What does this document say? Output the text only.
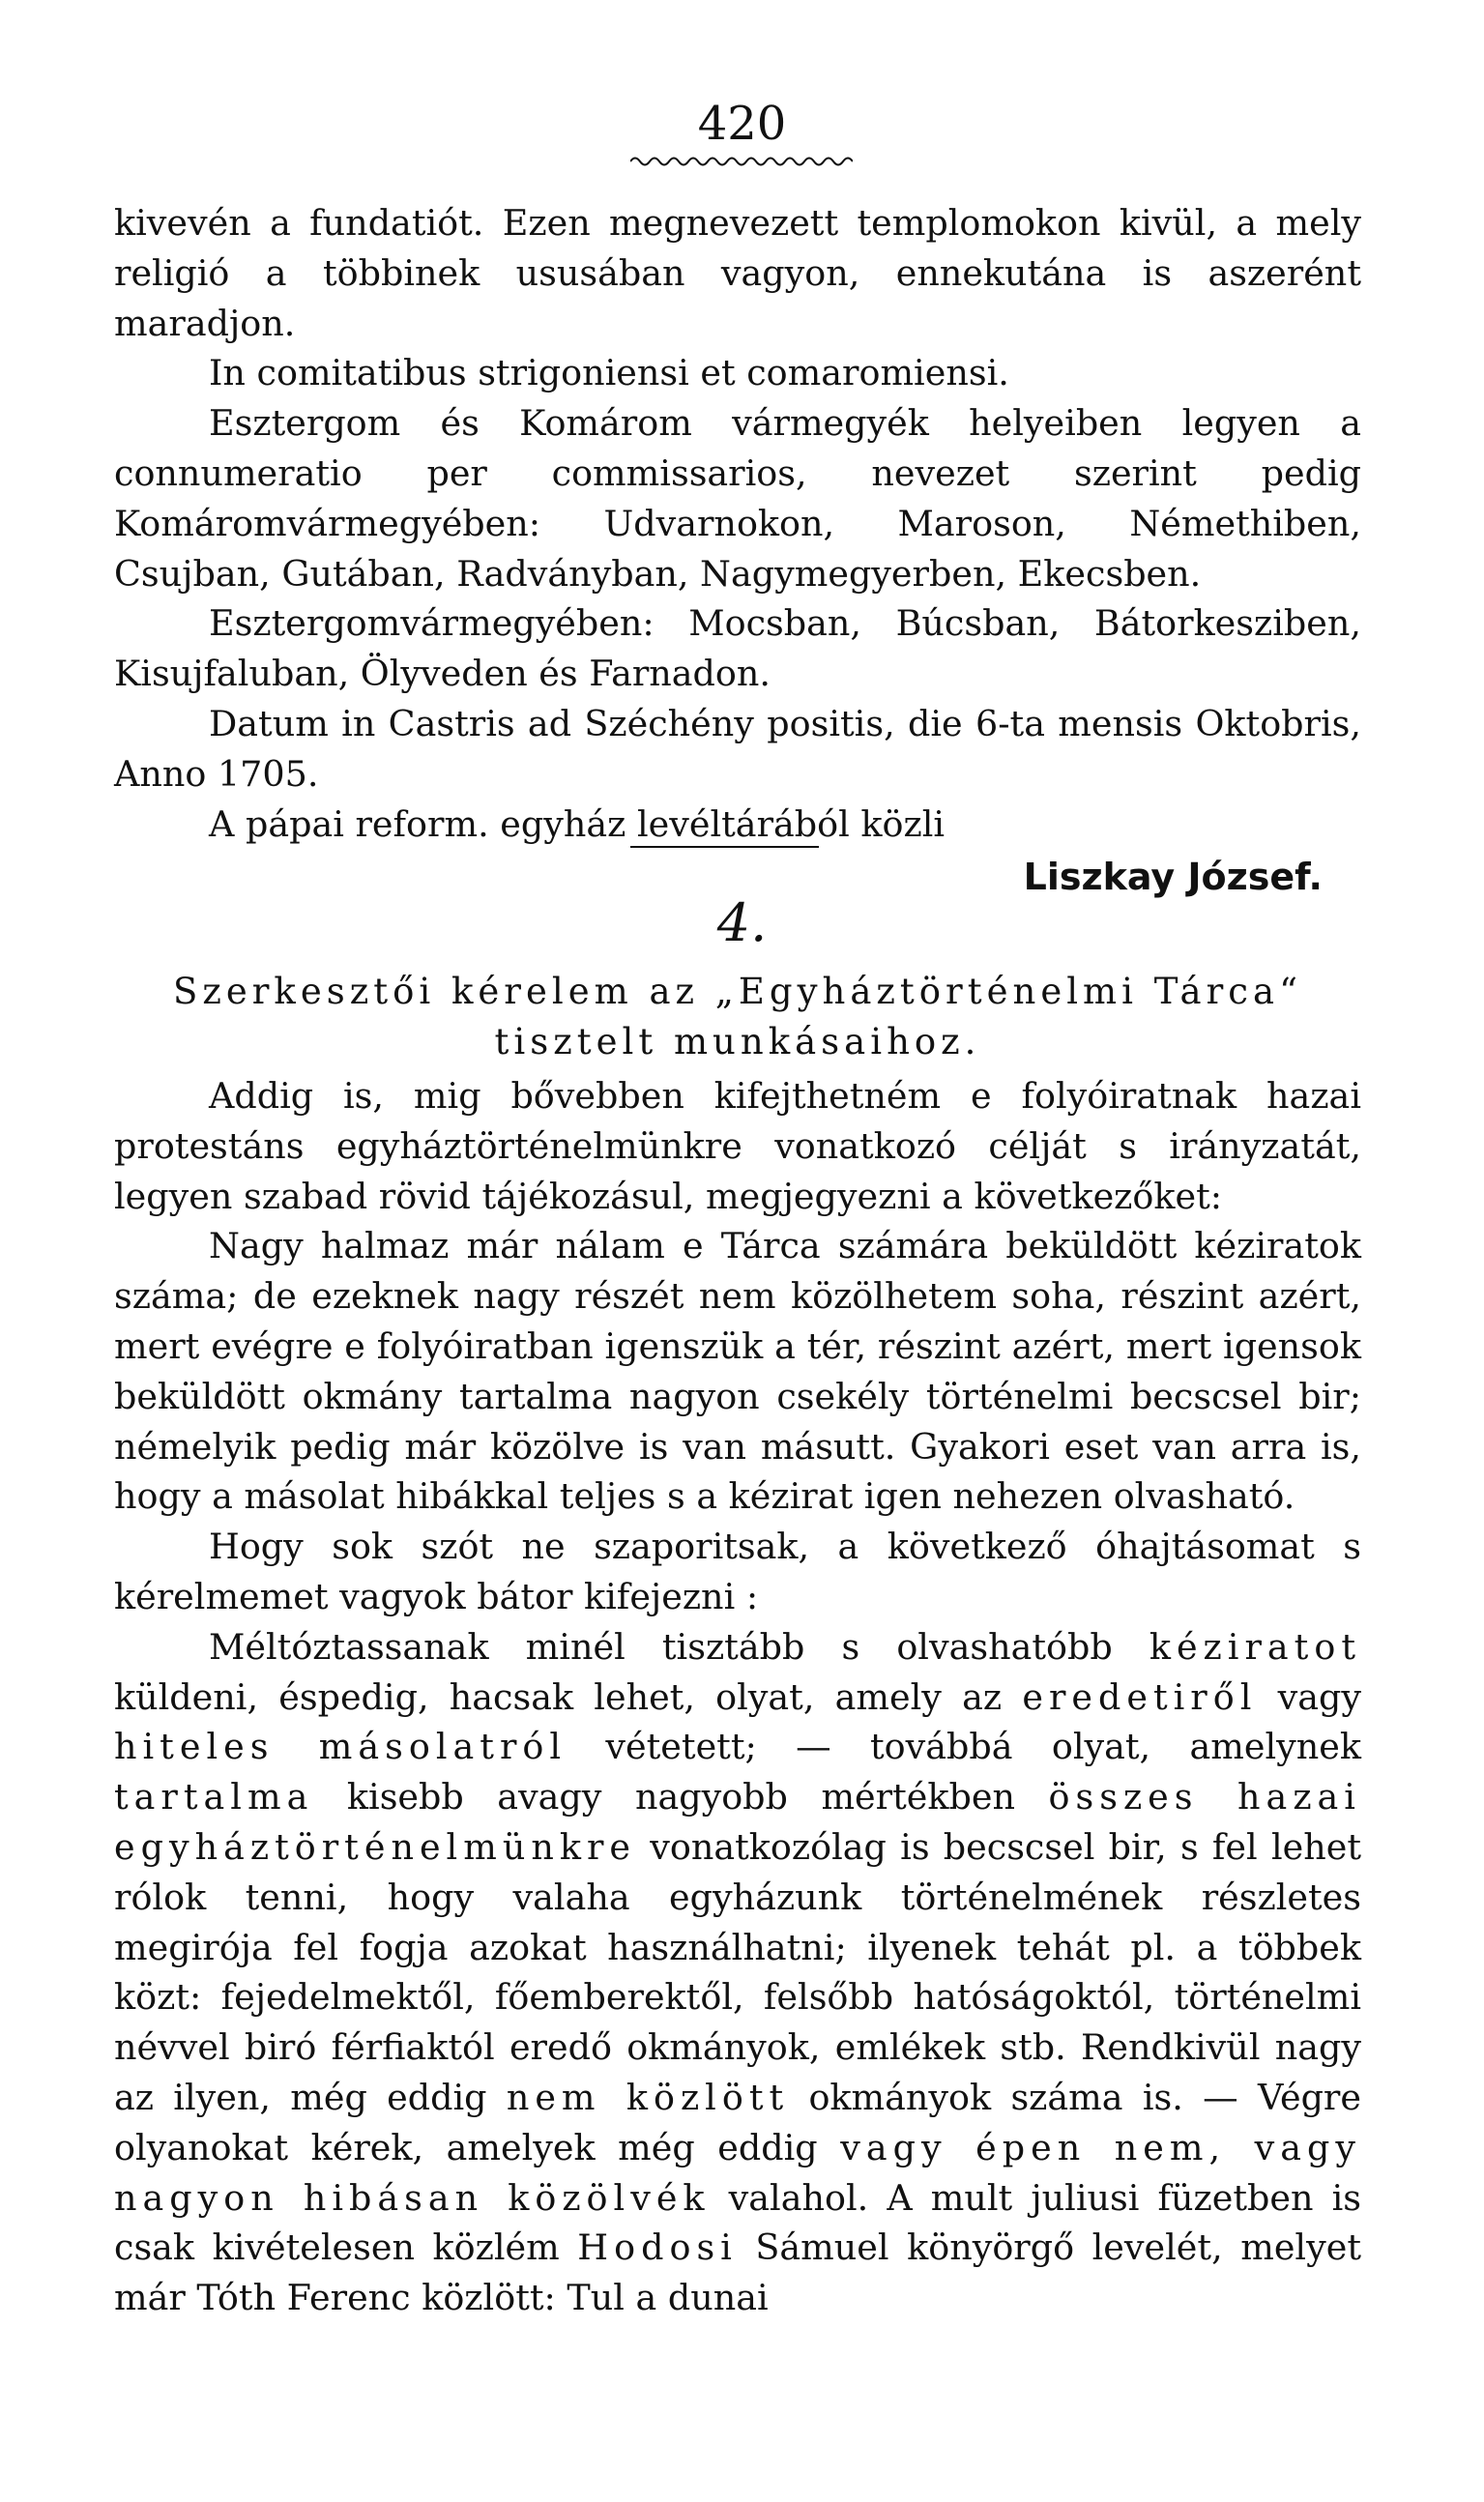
420

kivevén a fundatiót. Ezen megnevezett templomokon kivül, a mely religió a többinek ususában vagyon, ennekutána is aszerént maradjon.

In comitatibus strigoniensi et comaromiensi.

Esztergom és Komárom vármegyék helyeiben legyen a connumeratio per commissarios, nevezet szerint pedig Komáromvármegyében: Udvarnokon, Maroson, Némethiben, Csujban, Gutában, Radványban, Nagymegyerben, Ekecsben.

Esztergomvármegyében: Mocsban, Búcsban, Bátorkesziben, Kisujfaluban, Ölyveden és Farnadon.

Datum in Castris ad Széchény positis, die 6-ta mensis Oktobris, Anno 1705.

A pápai reform. egyház levéltárából közli

Liszkay József.
4.
Szerkesztői kérelem az „Egyháztörténelmi Tárca“
tisztelt munkásaihoz.

Addig is, mig bővebben kifejthetném e folyóiratnak hazai protestáns egyháztörténelmünkre vonatkozó célját s irányzatát, legyen szabad rövid tájékozásul, megjegyezni a következőket:

Nagy halmaz már nálam e Tárca számára beküldött kéziratok száma; de ezeknek nagy részét nem közölhetem soha, részint azért, mert evégre e folyóiratban igenszük a tér, részint azért, mert igensok beküldött okmány tartalma nagyon csekély történelmi becscsel bir; némelyik pedig már közölve is van másutt. Gyakori eset van arra is, hogy a másolat hibákkal teljes s a kézirat igen nehezen olvasható.

Hogy sok szót ne szaporitsak, a következő óhajtásomat s kérelmemet vagyok bátor kifejezni :

Méltóztassanak minél tisztább s olvashatóbb kéziratot küldeni, éspedig, hacsak lehet, olyat, amely az eredetiről vagy hiteles másolatról vétetett; — továbbá olyat, amelynek tartalma kisebb avagy nagyobb mértékben összes hazai egyháztörténelmünkre vonatkozólag is becscsel bir, s fel lehet rólok tenni, hogy valaha egyházunk történelmének részletes megirója fel fogja azokat használhatni; ilyenek tehát pl. a többek közt: fejedelmektől, főemberektől, felsőbb hatóságoktól, történelmi névvel biró férfiaktól eredő okmányok, emlékek stb. Rendkivül nagy az ilyen, még eddig nem közlött okmányok száma is. — Végre olyanokat kérek, amelyek még eddig vagy épen nem, vagy nagyon hibásan közölvék valahol. A mult juliusi füzetben is csak kivételesen közlém Hodosi Sámuel könyörgő levelét, melyet már Tóth Ferenc közlött: Tul a dunai
